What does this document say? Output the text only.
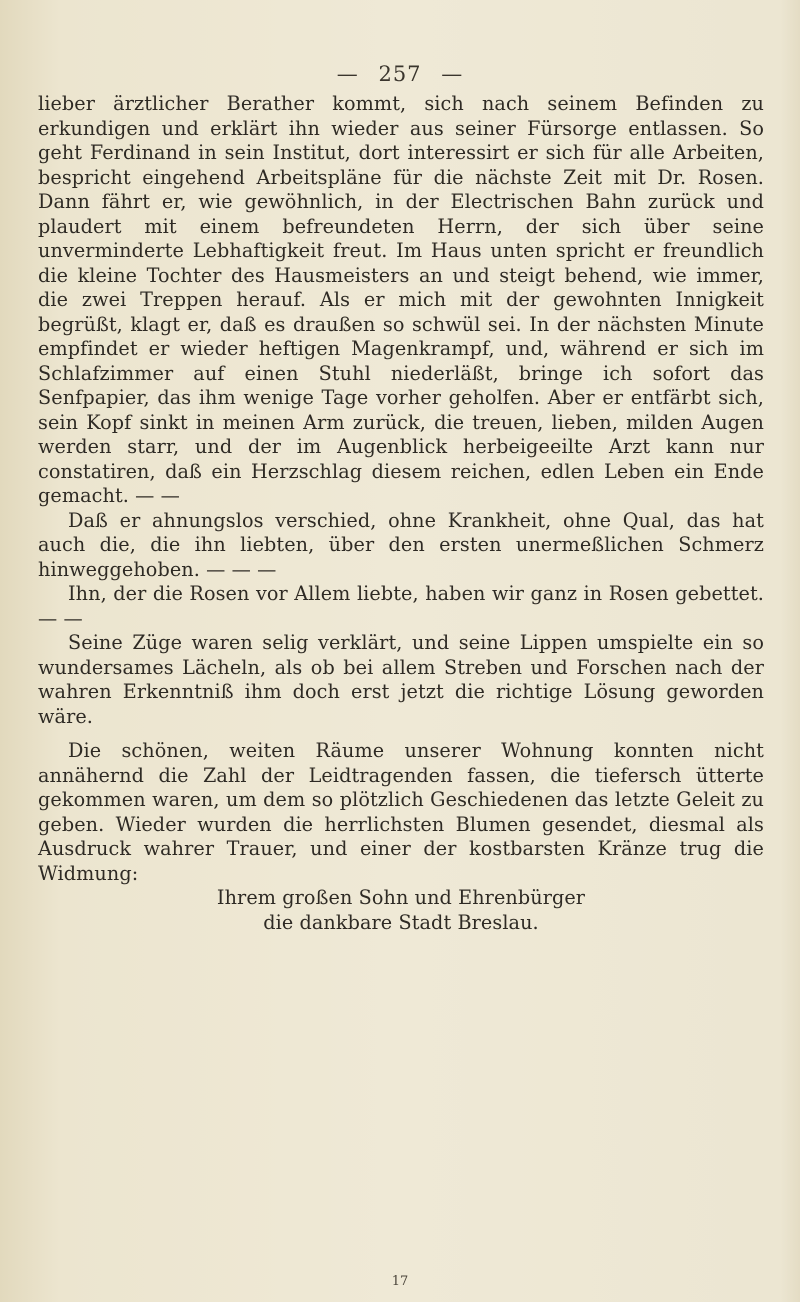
— 257 —

lieber ärztlicher Berather kommt, sich nach seinem Befinden zu erkundigen und erklärt ihn wieder aus seiner Fürsorge entlassen. So geht Ferdinand in sein Institut, dort interessirt er sich für alle Arbeiten, bespricht eingehend Arbeitspläne für die nächste Zeit mit Dr. Rosen. Dann fährt er, wie gewöhnlich, in der Electrischen Bahn zurück und plaudert mit einem befreundeten Herrn, der sich über seine unverminderte Lebhaftigkeit freut. Im Haus unten spricht er freundlich die kleine Tochter des Hausmeisters an und steigt behend, wie immer, die zwei Treppen herauf. Als er mich mit der gewohnten Innigkeit begrüßt, klagt er, daß es draußen so schwül sei. In der nächsten Minute empfindet er wieder heftigen Magenkrampf, und, während er sich im Schlafzimmer auf einen Stuhl niederläßt, bringe ich sofort das Senfpapier, das ihm wenige Tage vorher geholfen. Aber er entfärbt sich, sein Kopf sinkt in meinen Arm zurück, die treuen, lieben, milden Augen werden starr, und der im Augenblick herbeigeeilte Arzt kann nur constatiren, daß ein Herzschlag diesem reichen, edlen Leben ein Ende gemacht. — —

Daß er ahnungslos verschied, ohne Krankheit, ohne Qual, das hat auch die, die ihn liebten, über den ersten unermeßlichen Schmerz hinweggehoben. — — —

Ihn, der die Rosen vor Allem liebte, haben wir ganz in Rosen gebettet. — —

Seine Züge waren selig verklärt, und seine Lippen umspielte ein so wundersames Lächeln, als ob bei allem Streben und Forschen nach der wahren Erkenntniß ihm doch erst jetzt die richtige Lösung geworden wäre.

Die schönen, weiten Räume unserer Wohnung konnten nicht annähernd die Zahl der Leidtragenden fassen, die tiefersch ütterte gekommen waren, um dem so plötzlich Geschiedenen das letzte Geleit zu geben. Wieder wurden die herrlichsten Blumen gesendet, diesmal als Ausdruck wahrer Trauer, und einer der kostbarsten Kränze trug die Widmung:

Ihrem großen Sohn und Ehrenbürger

die dankbare Stadt Breslau.

17
